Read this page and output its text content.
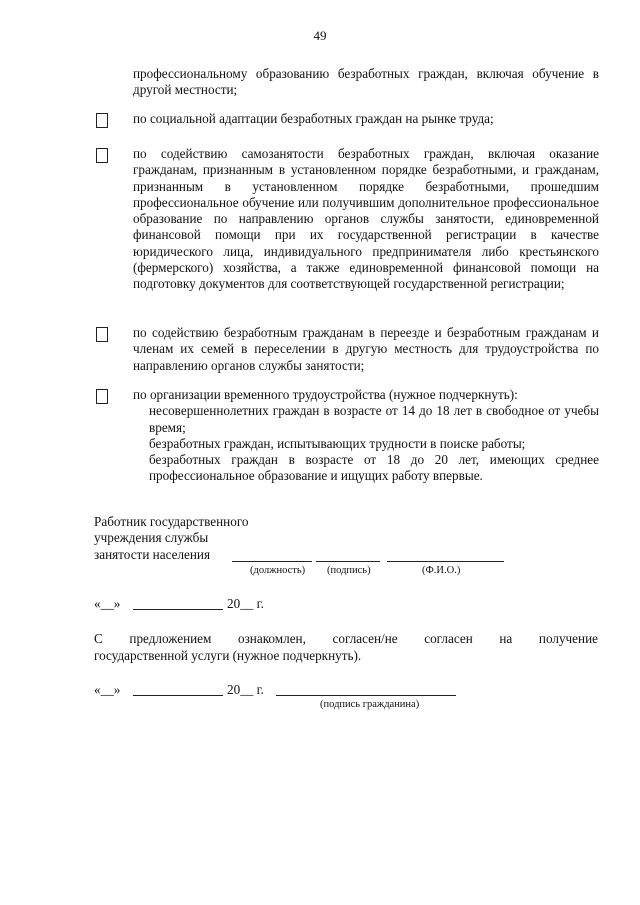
49

профессиональному образованию безработных граждан, включая обучение в другой местности;

по социальной адаптации безработных граждан на рынке труда;

по содействию самозанятости безработных граждан, включая оказание гражданам, признанным в установленном порядке безработными, и гражданам, признанным в установленном порядке безработными, прошедшим профессиональное обучение или получившим дополнительное профессиональное образование по направлению органов службы занятости, единовременной финансовой помощи при их государственной регистрации в качестве юридического лица, индивидуального предпринимателя либо крестьянского (фермерского) хозяйства, а также единовременной финансовой помощи на подготовку документов для соответствующей государственной регистрации;

по содействию безработным гражданам в переезде и безработным гражданам и членам их семей в переселении в другую местность для трудоустройства по направлению органов службы занятости;

по организации временного трудоустройства (нужное подчеркнуть):

несовершеннолетних граждан в возрасте от 14 до 18 лет в свободное от учебы время;

безработных граждан, испытывающих трудности в поиске работы;

безработных граждан в возрасте от 18 до 20 лет, имеющих среднее профессиональное образование и ищущих работу впервые.

Работник государственного
учреждения службы
занятости населения
(должность) (подпись)	(Ф.И.О.)
«__»	20__ г.
С предложением ознакомлен, согласен/не согласен на получение
государственной услуги (нужное подчеркнуть).
«__»	20__ г.
(подпись гражданина)
